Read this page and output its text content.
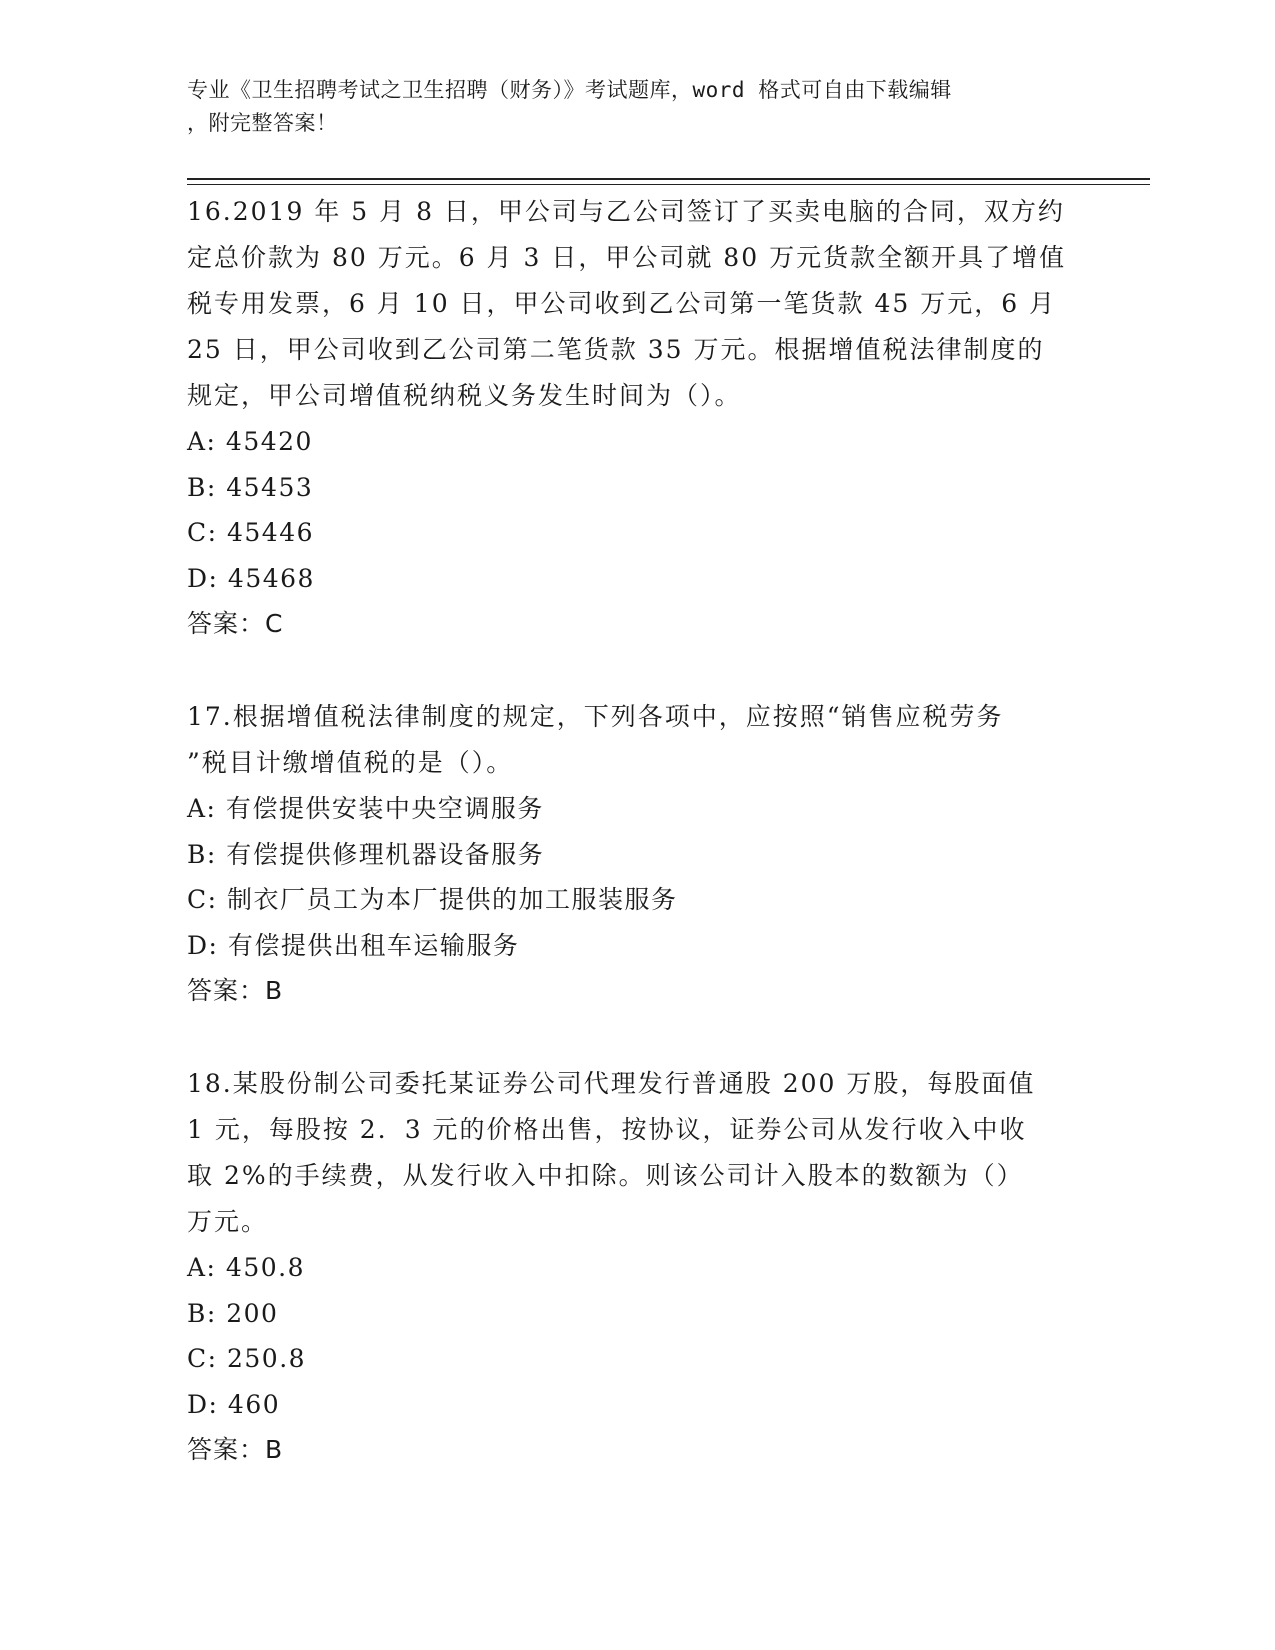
专业《卫生招聘考试之卫生招聘（财务）》考试题库，word 格式可自由下载编辑
，附完整答案！

16.2019 年 5 月 8 日，甲公司与乙公司签订了买卖电脑的合同，双方约

定总价款为 80 万元。6 月 3 日，甲公司就 80 万元货款全额开具了增值

税专用发票，6 月 10 日，甲公司收到乙公司第一笔货款 45 万元，6 月

25 日，甲公司收到乙公司第二笔货款 35 万元。根据增值税法律制度的

规定，甲公司增值税纳税义务发生时间为（）。

A: 45420

B: 45453

C: 45446

D: 45468

答案：C

17.根据增值税法律制度的规定，下列各项中，应按照“销售应税劳务

”税目计缴增值税的是（）。

A: 有偿提供安装中央空调服务

B: 有偿提供修理机器设备服务

C: 制衣厂员工为本厂提供的加工服装服务

D: 有偿提供出租车运输服务

答案：B

18.某股份制公司委托某证券公司代理发行普通股 200 万股，每股面值

1 元，每股按 2．3 元的价格出售，按协议，证券公司从发行收入中收

取 2%的手续费，从发行收入中扣除。则该公司计入股本的数额为（）

万元。

A: 450.8

B: 200

C: 250.8

D: 460

答案：B
